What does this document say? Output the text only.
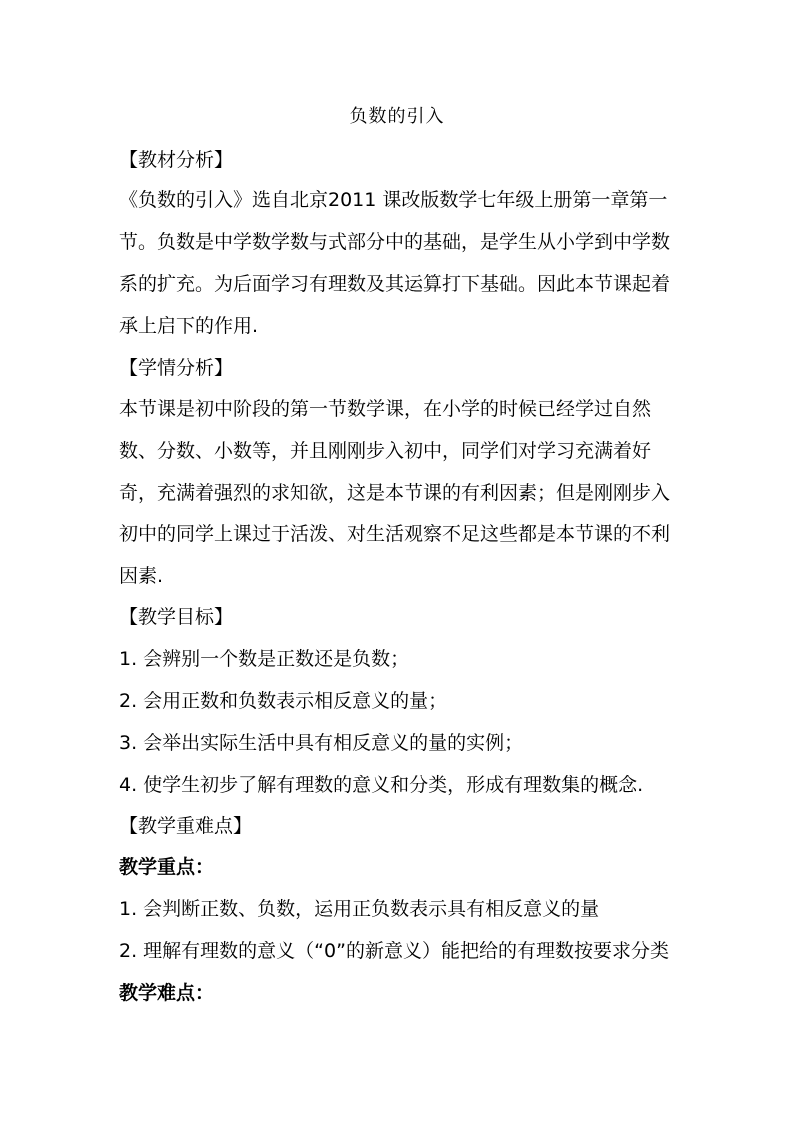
负数的引入
【教材分析】
《负数的引入》选自北京2011 课改版数学七年级上册第一章第一
节。负数是中学数学数与式部分中的基础，是学生从小学到中学数
系的扩充。为后面学习有理数及其运算打下基础。因此本节课起着
承上启下的作用.
【学情分析】
本节课是初中阶段的第一节数学课，在小学的时候已经学过自然
数、分数、小数等，并且刚刚步入初中，同学们对学习充满着好
奇，充满着强烈的求知欲，这是本节课的有利因素；但是刚刚步入
初中的同学上课过于活泼、对生活观察不足这些都是本节课的不利
因素.
【教学目标】
1. 会辨别一个数是正数还是负数；
2. 会用正数和负数表示相反意义的量；
3. 会举出实际生活中具有相反意义的量的实例；
4. 使学生初步了解有理数的意义和分类，形成有理数集的概念.
【教学重难点】
教学重点：
1. 会判断正数、负数，运用正负数表示具有相反意义的量
2. 理解有理数的意义（“0”的新意义）能把给的有理数按要求分类
教学难点：
